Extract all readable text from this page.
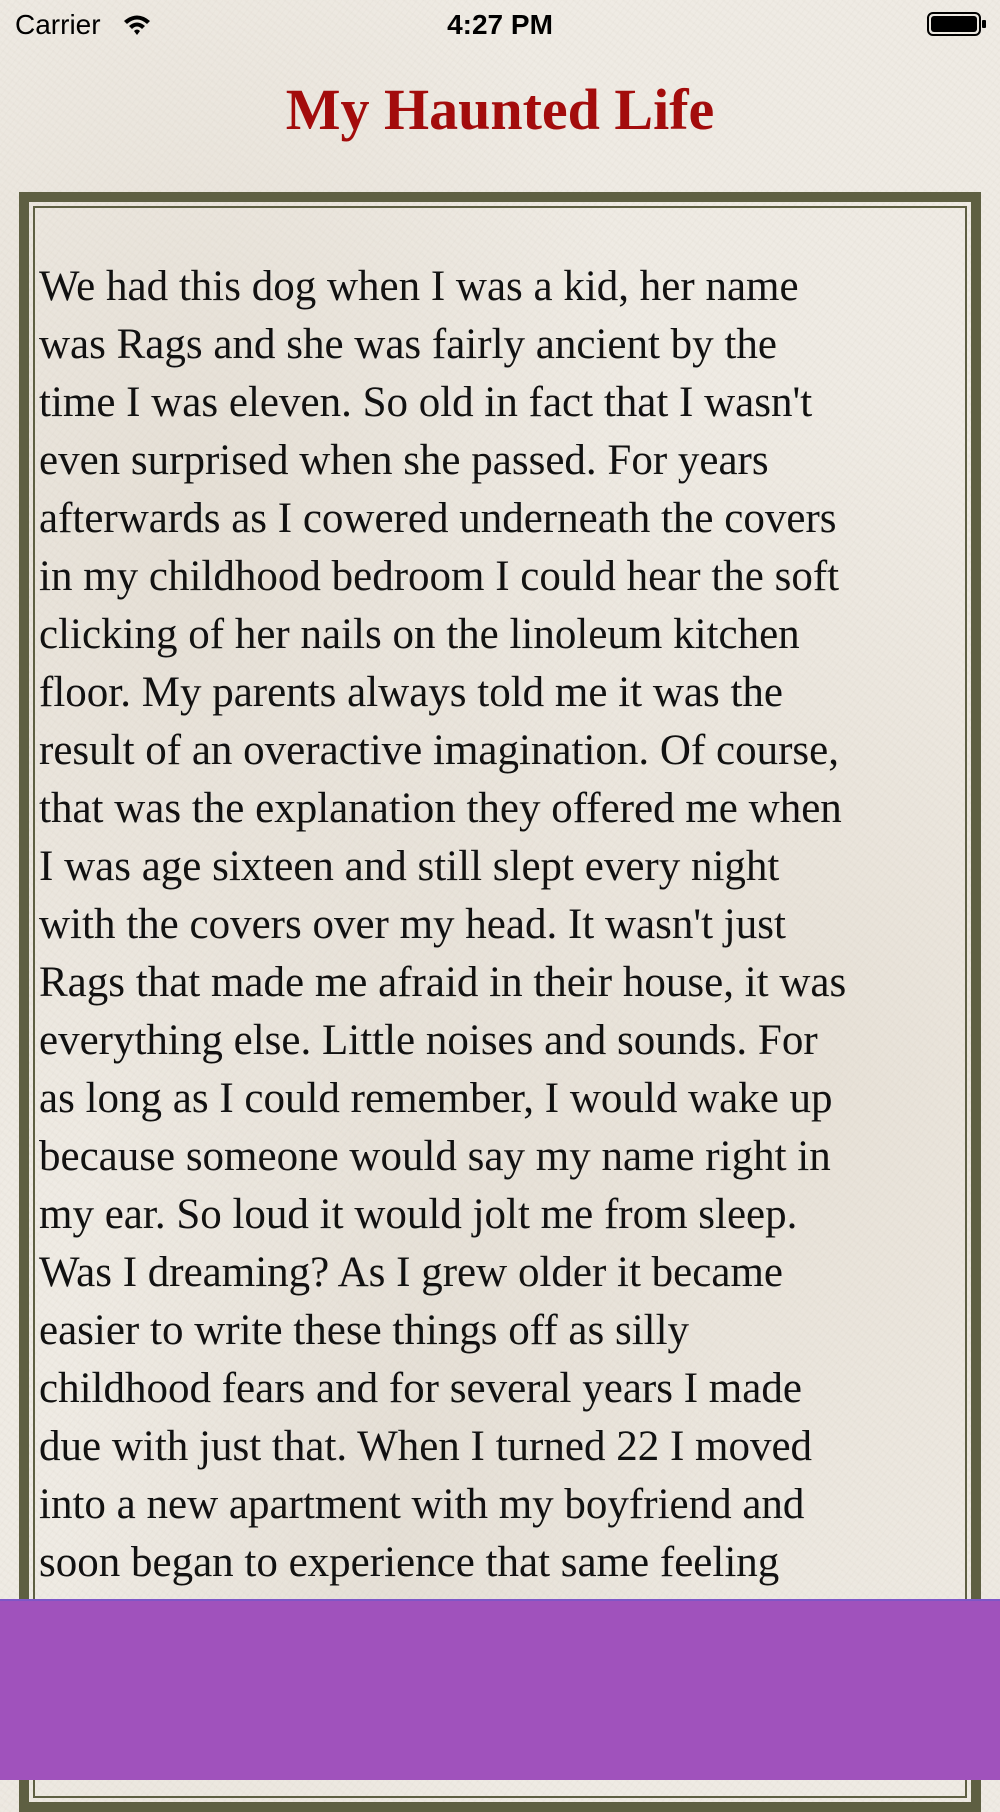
Carrier	4:27 PM
My Haunted Life
We had this dog when I was a kid, her name
was Rags and she was fairly ancient by the
time I was eleven. So old in fact that I wasn't
even surprised when she passed. For years
afterwards as I cowered underneath the covers
in my childhood bedroom I could hear the soft
clicking of her nails on the linoleum kitchen
floor. My parents always told me it was the
result of an overactive imagination. Of course,
that was the explanation they offered me when
I was age sixteen and still slept every night
with the covers over my head. It wasn't just
Rags that made me afraid in their house, it was
everything else. Little noises and sounds. For
as long as I could remember, I would wake up
because someone would say my name right in
my ear. So loud it would jolt me from sleep.
Was I dreaming? As I grew older it became
easier to write these things off as silly
childhood fears and for several years I made
due with just that. When I turned 22 I moved
into a new apartment with my boyfriend and
soon began to experience that same feeling
